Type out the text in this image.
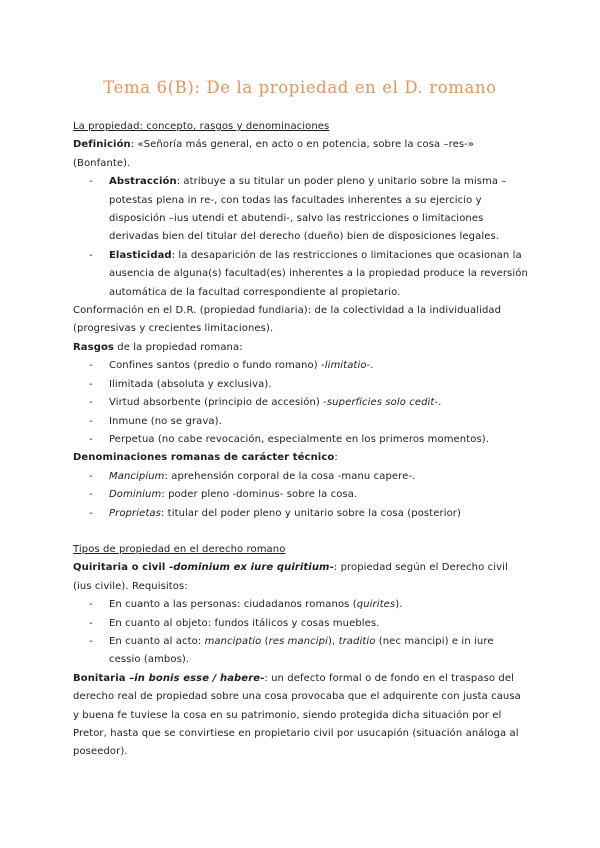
Tema 6(B): De la propiedad en el D. romano

La propiedad: concepto, rasgos y denominaciones

Definición: «Señoría más general, en acto o en potencia, sobre la cosa –res-» (Bonfante).

- Abstracción: atribuye a su titular un poder pleno y unitario sobre la misma –potestas plena in re-, con todas las facultades inherentes a su ejercicio y disposición –ius utendi et abutendi-, salvo las restricciones o limitaciones derivadas bien del titular del derecho (dueño) bien de disposiciones legales.
- Elasticidad: la desaparición de las restricciones o limitaciones que ocasionan la ausencia de alguna(s) facultad(es) inherentes a la propiedad produce la reversión automática de la facultad correspondiente al propietario.

Conformación en el D.R. (propiedad fundiaria): de la colectividad a la individualidad (progresivas y crecientes limitaciones).

Rasgos de la propiedad romana:

- Confines santos (predio o fundo romano) -limitatio-.
- Ilimitada (absoluta y exclusiva).
- Virtud absorbente (principio de accesión) -superficies solo cedit-.
- Inmune (no se grava).
- Perpetua (no cabe revocación, especialmente en los primeros momentos).

Denominaciones romanas de carácter técnico:

- Mancipium: aprehensión corporal de la cosa -manu capere-.
- Dominium: poder pleno -dominus- sobre la cosa.
- Proprietas: titular del poder pleno y unitario sobre la cosa (posterior)

Tipos de propiedad en el derecho romano

Quiritaria o civil -dominium ex iure quiritium-: propiedad según el Derecho civil (ius civile). Requisitos:

- En cuanto a las personas: ciudadanos romanos (quirites).
- En cuanto al objeto: fundos itálicos y cosas muebles.
- En cuanto al acto: mancipatio (res mancipi), traditio (nec mancipi) e in iure cessio (ambos).

Bonitaria –in bonis esse / habere-: un defecto formal o de fondo en el traspaso del derecho real de propiedad sobre una cosa provocaba que el adquirente con justa causa y buena fe tuviese la cosa en su patrimonio, siendo protegida dicha situación por el Pretor, hasta que se convirtiese en propietario civil por usucapión (situación análoga al poseedor).
